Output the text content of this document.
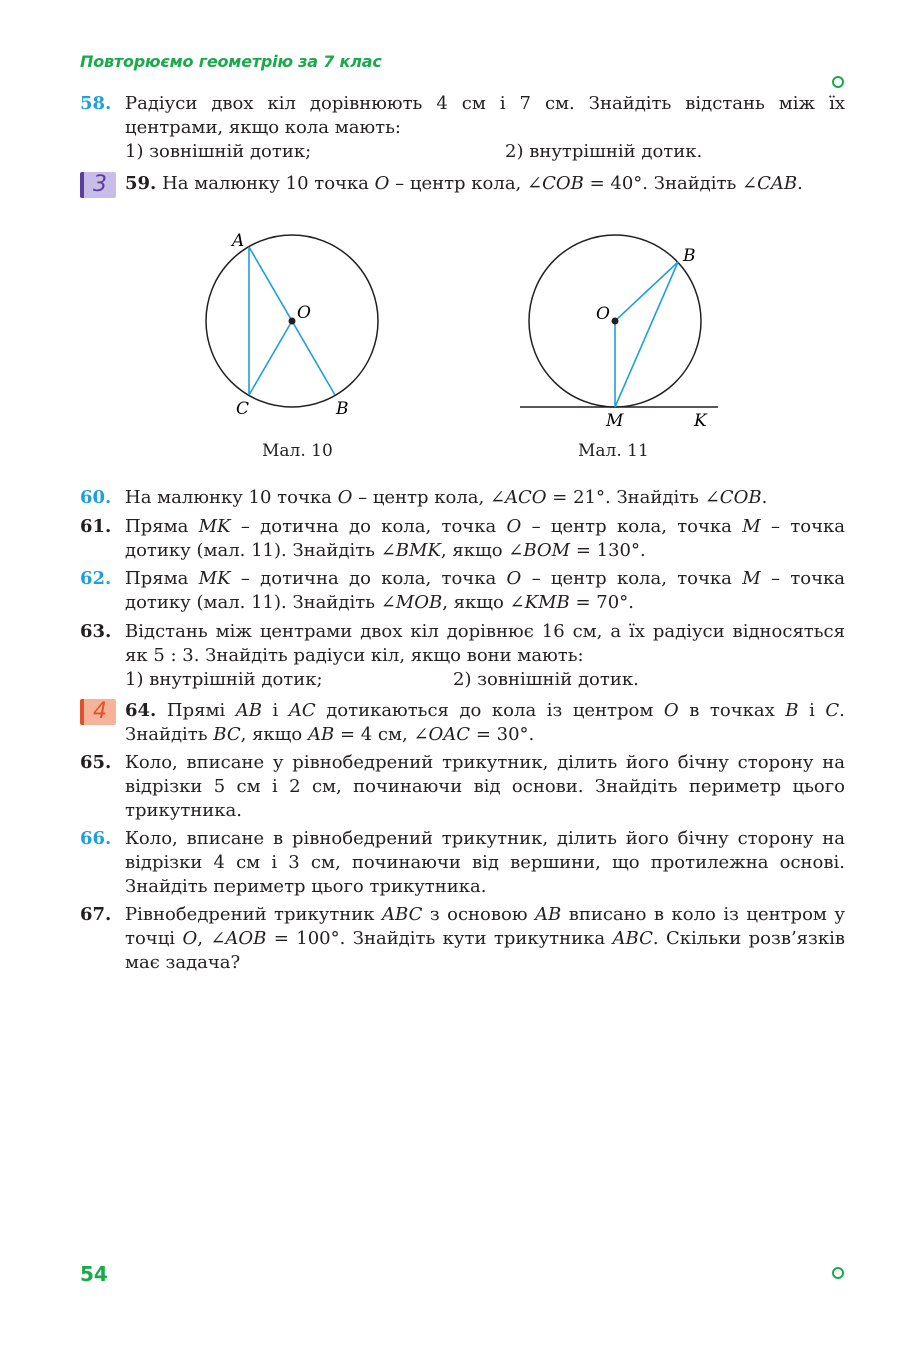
Повторюємо геометрію за 7 клас
58. Радіуси двох кіл дорівнюють 4 см і 7 см. Знайдіть відстань між їх центрами, якщо кола мають:
1) зовнішній дотик;	2) внутрішній дотик.
3	59. На малюнку 10 точка O – центр кола, ∠COB = 40°. Знайдіть ∠CAB.
A
O
C	B
B
O
M	K
Мал. 10	Мал. 11
60. На малюнку 10 точка O – центр кола, ∠ACO = 21°. Знайдіть ∠COB.
61. Пряма MK – дотична до кола, точка O – центр кола, точка M – точка дотику (мал. 11). Знайдіть ∠BMK, якщо ∠BOM = 130°.
62. Пряма MK – дотична до кола, точка O – центр кола, точка M – точка дотику (мал. 11). Знайдіть ∠MOB, якщо ∠KMB = 70°.
63. Відстань між центрами двох кіл дорівнює 16 см, а їх радіуси відносяться як 5 : 3. Знайдіть радіуси кіл, якщо вони мають:
1) внутрішній дотик;	2) зовнішній дотик.
4	64. Прямі AB і AC дотикаються до кола із центром O в точках B і C. Знайдіть BC, якщо AB = 4 см, ∠OAC = 30°.
65. Коло, вписане у рівнобедрений трикутник, ділить його бічну сторону на відрізки 5 см і 2 см, починаючи від основи. Знайдіть периметр цього трикутника.
66. Коло, вписане в рівнобедрений трикутник, ділить його бічну сторону на відрізки 4 см і 3 см, починаючи від вершини, що протилежна основі. Знайдіть периметр цього трикутника.
67. Рівнобедрений трикутник ABC з основою AB вписано в коло із центром у точці O, ∠AOB = 100°. Знайдіть кути трикутника ABC. Скільки розв’язків має задача?
54
